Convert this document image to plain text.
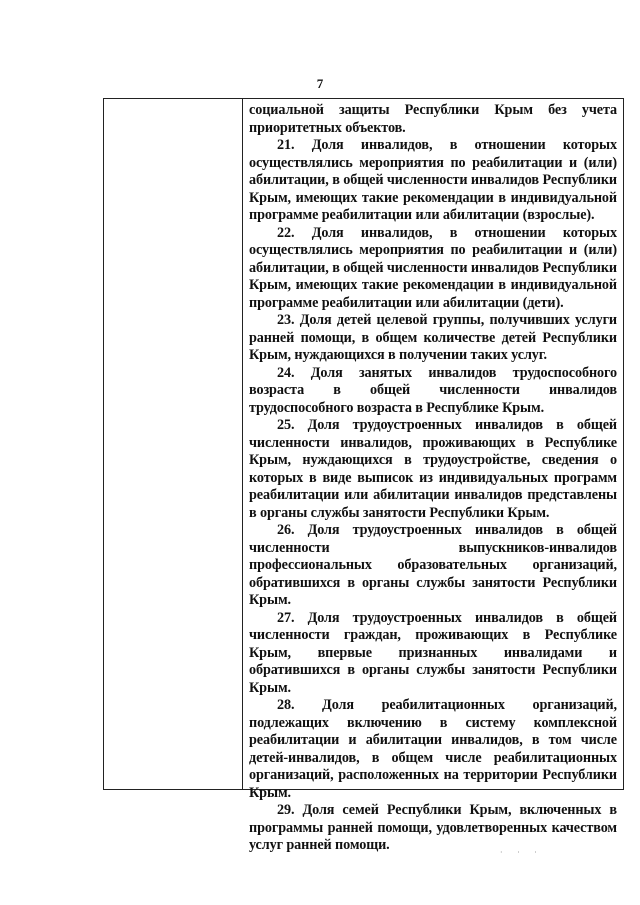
7

социальной защиты Республики Крым без учета приоритетных объектов.

21. Доля инвалидов, в отношении которых осуществлялись мероприятия по реабилитации и (или) абилитации, в общей численности инвалидов Республики Крым, имеющих такие рекомендации в индивидуальной программе реабилитации или абилитации (взрослые).

22. Доля инвалидов, в отношении которых осуществлялись мероприятия по реабилитации и (или) абилитации, в общей численности инвалидов Республики Крым, имеющих такие рекомендации в индивидуальной программе реабилитации или абилитации (дети).

23. Доля детей целевой группы, получивших услуги ранней помощи, в общем количестве детей Республики Крым, нуждающихся в получении таких услуг.

24. Доля занятых инвалидов трудоспособного возраста в общей численности инвалидов трудоспособного возраста в Республике Крым.

25. Доля трудоустроенных инвалидов в общей численности инвалидов, проживающих в Республике Крым, нуждающихся в трудоустройстве, сведения о которых в виде выписок из индивидуальных программ реабилитации или абилитации инвалидов представлены в органы службы занятости Республики Крым.

26. Доля трудоустроенных инвалидов в общей численности выпускников-инвалидов профессиональных образовательных организаций, обратившихся в органы службы занятости Республики Крым.

27. Доля трудоустроенных инвалидов в общей численности граждан, проживающих в Республике Крым, впервые признанных инвалидами и обратившихся в органы службы занятости Республики Крым.

28. Доля реабилитационных организаций, подлежащих включению в систему комплексной реабилитации и абилитации инвалидов, в том числе детей-инвалидов, в общем числе реабилитационных организаций, расположенных на территории Республики Крым.

29. Доля семей Республики Крым, включенных в программы ранней помощи, удовлетворенных качеством услуг ранней помощи.	· · ·
